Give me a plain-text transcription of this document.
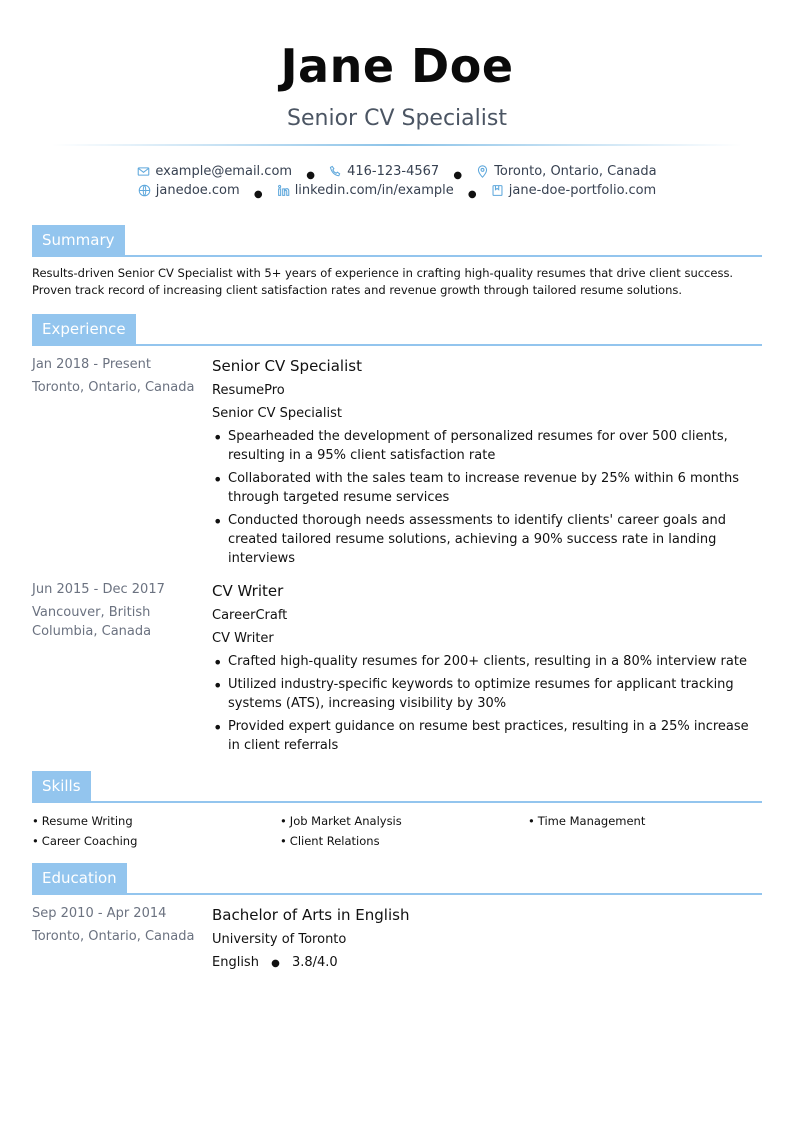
Jane Doe
Senior CV Specialist
example@email.com ● 416-123-4567 ● Toronto, Ontario, Canada
janedoe.com ● linkedin.com/in/example ● jane-doe-portfolio.com
Summary
Results-driven Senior CV Specialist with 5+ years of experience in crafting high-quality resumes that drive client success. Proven track record of increasing client satisfaction rates and revenue growth through tailored resume solutions.
Experience
Jan 2018 - Present
Toronto, Ontario, Canada
Senior CV Specialist
ResumePro
Senior CV Specialist
• Spearheaded the development of personalized resumes for over 500 clients, resulting in a 95% client satisfaction rate
• Collaborated with the sales team to increase revenue by 25% within 6 months through targeted resume services
• Conducted thorough needs assessments to identify clients' career goals and created tailored resume solutions, achieving a 90% success rate in landing interviews
Jun 2015 - Dec 2017
Vancouver, British Columbia, Canada
CV Writer
CareerCraft
CV Writer
• Crafted high-quality resumes for 200+ clients, resulting in a 80% interview rate
• Utilized industry-specific keywords to optimize resumes for applicant tracking systems (ATS), increasing visibility by 30%
• Provided expert guidance on resume best practices, resulting in a 25% increase in client referrals
Skills
• Resume Writing	• Job Market Analysis	• Time Management
• Career Coaching	• Client Relations
Education
Sep 2010 - Apr 2014
Toronto, Ontario, Canada
Bachelor of Arts in English
University of Toronto
English ● 3.8/4.0
